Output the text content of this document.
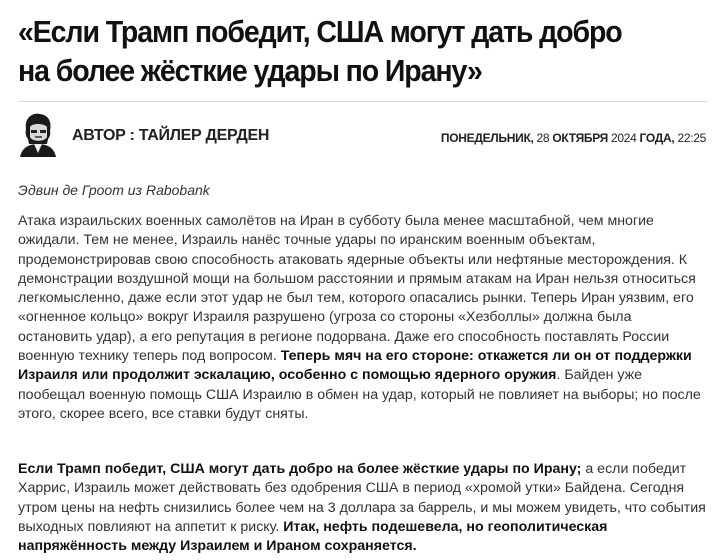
«Если Трамп победит, США могут дать добро на более жёсткие удары по Ирану»
АВТОР : ТАЙЛЕР ДЕРДЕН	ПОНЕДЕЛЬНИК, 28 ОКТЯБРЯ 2024 ГОДА, 22:25

Эдвин де Гроот из Rabobank

Атака израильских военных самолётов на Иран в субботу была менее масштабной, чем многие ожидали. Тем не менее, Израиль нанёс точные удары по иранским военным объектам, продемонстрировав свою способность атаковать ядерные объекты или нефтяные месторождения. К демонстрации воздушной мощи на большом расстоянии и прямым атакам на Иран нельзя относиться легкомысленно, даже если этот удар не был тем, которого опасались рынки. Теперь Иран уязвим, его «огненное кольцо» вокруг Израиля разрушено (угроза со стороны «Хезболлы» должна была остановить удар), а его репутация в регионе подорвана. Даже его способность поставлять России военную технику теперь под вопросом. Теперь мяч на его стороне: откажется ли он от поддержки Израиля или продолжит эскалацию, особенно с помощью ядерного оружия. Байден уже пообещал военную помощь США Израилю в обмен на удар, который не повлияет на выборы; но после этого, скорее всего, все ставки будут сняты.

Если Трамп победит, США могут дать добро на более жёсткие удары по Ирану; а если победит Харрис, Израиль может действовать без одобрения США в период «хромой утки» Байдена. Сегодня утром цены на нефть снизились более чем на 3 доллара за баррель, и мы можем увидеть, что события выходных повлияют на аппетит к риску. Итак, нефть подешевела, но геополитическая напряжённость между Израилем и Ираном сохраняется.
